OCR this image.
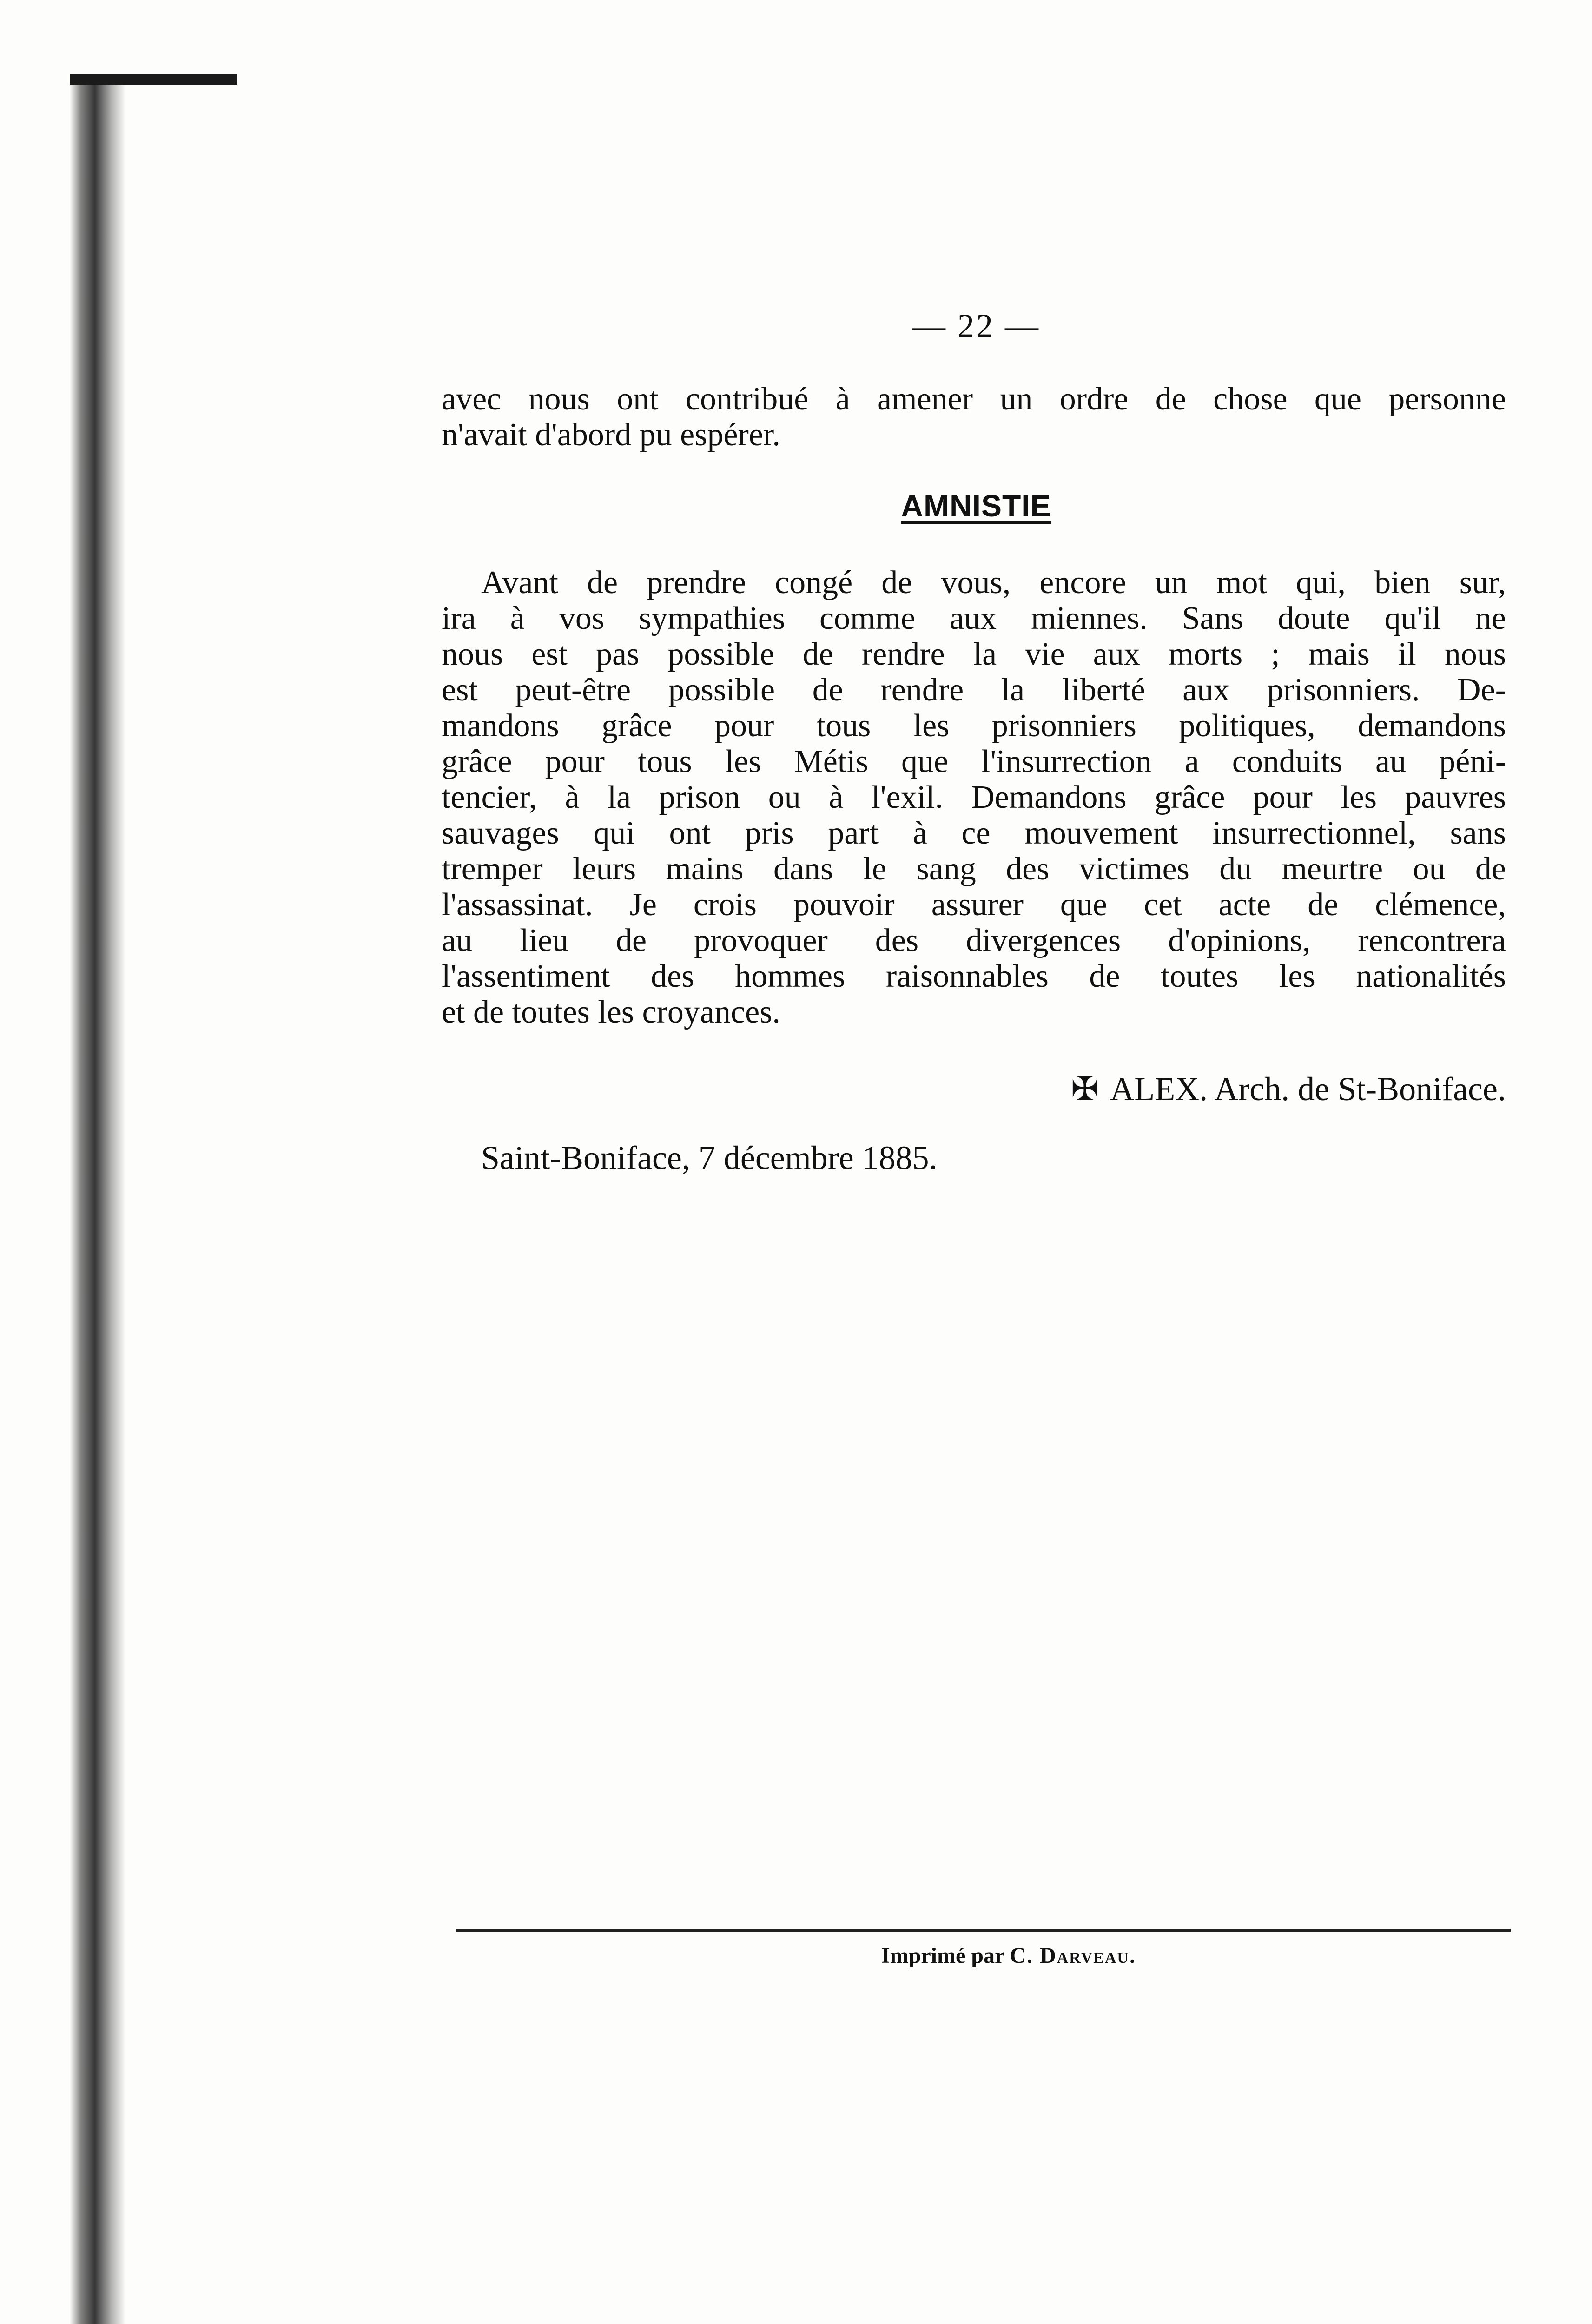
— 22 —
avec nous ont contribué à amener un ordre de chose que personne
n'avait d'abord pu espérer.
AMNISTIE
Avant de prendre congé de vous, encore un mot qui, bien sur,
ira à vos sympathies comme aux miennes. Sans doute qu'il ne
nous est pas possible de rendre la vie aux morts ; mais il nous
est peut-être possible de rendre la liberté aux prisonniers. De-
mandons grâce pour tous les prisonniers politiques, demandons
grâce pour tous les Métis que l'insurrection a conduits au péni-
tencier, à la prison ou à l'exil. Demandons grâce pour les pauvres
sauvages qui ont pris part à ce mouvement insurrectionnel, sans
tremper leurs mains dans le sang des victimes du meurtre ou de
l'assassinat. Je crois pouvoir assurer que cet acte de clémence,
au lieu de provoquer des divergences d'opinions, rencontrera
l'assentiment des hommes raisonnables de toutes les nationalités
et de toutes les croyances.
✠ ALEX. Arch. de St-Boniface.
Saint-Boniface, 7 décembre 1885.
Imprimé par C. Darveau.
